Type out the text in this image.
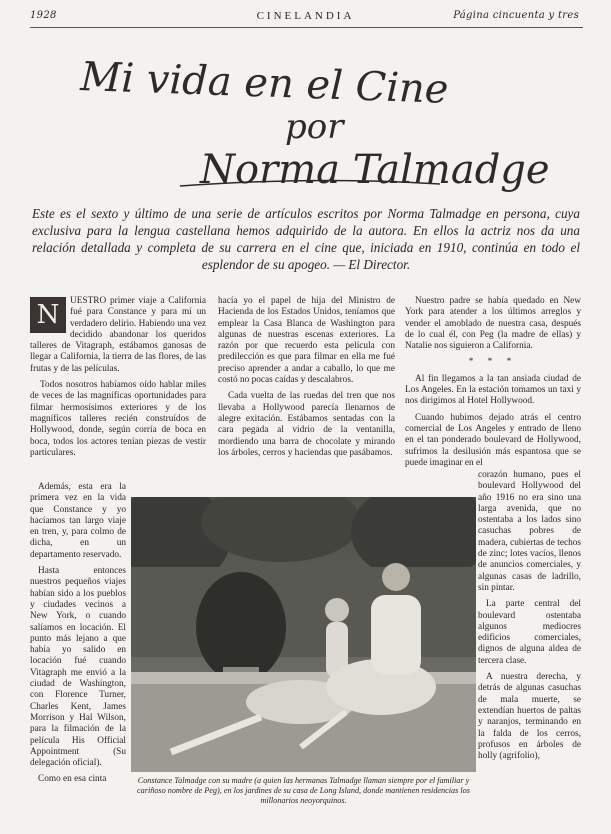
1928	CINELANDIA	Página cincuenta y tres
Mi vida en el Cine
por
Norma Talmadge
Este es el sexto y último de una serie de artículos escritos por Norma Talmadge en persona, cuya exclusiva para la lengua castellana hemos adquirido de la autora. En ellos la actriz nos da una relación detallada y completa de su carrera en el cine que, iniciada en 1910, continúa en todo el esplendor de su apogeo. — El Director.

N	UESTRO primer viaje a California fué para Constance y para mí un verdadero delirio. Habiendo una vez decidido abandonar los queridos talleres de Vitagraph, estábamos ganosas de llegar a California, la tierra de las flores, de las frutas y de las películas.

Todos nosotros habíamos oído hablar miles de veces de las magníficas oportunidades para filmar hermosísimos exteriores y de los magníficos talleres recién construídos de Hollywood, donde, según corría de boca en boca, todos los actores tenían piezas de vestir particulares.

Además, esta era la primera vez en la vida que Constance y yo hacíamos tan largo viaje en tren, y, para colmo de dicha, en un departamento reservado.

Hasta entonces nuestros pequeños viajes habían sido a los pueblos y ciudades vecinos a New York, o cuando salíamos en locación. El punto más lejano a que había yo salido en locación fué cuando Vitagraph me envió a la ciudad de Washington, con Florence Turner, Charles Kent, James Morrison y Hal Wilson, para la filmación de la película His Official Appointment (Su delegación oficial).

Como en esa cinta

hacía yo el papel de hija del Ministro de Hacienda de los Estados Unidos, teníamos que emplear la Casa Blanca de Washington para algunas de nuestras escenas exteriores. La razón por que recuerdo esta película con predilección es que para filmar en ella me fué preciso aprender a andar a caballo, lo que me costó no pocas caídas y descalabros.

Cada vuelta de las ruedas del tren que nos llevaba a Hollywood parecía llenarnos de alegre exitación. Estábamos sentadas con la cara pegada al vidrio de la ventanilla, mordiendo una barra de chocolate y mirando los árboles, cerros y haciendas que pasábamos.

Nuestro padre se había quedado en New York para atender a los últimos arreglos y vender el amoblado de nuestra casa, después de lo cual él, con Peg (la madre de ellas) y Natalie nos siguieron a California.

* * *

Al fin llegamos a la tan ansiada ciudad de Los Angeles. En la estación tomamos un taxi y nos dirigimos al Hotel Hollywood.

Cuando hubimos dejado atrás el centro comercial de Los Angeles y entrado de lleno en el tan ponderado boulevard de Hollywood, sufrimos la desilusión más espantosa que se puede imaginar en el

corazón humano, pues el boulevard Hollywood del año 1916 no era sino una larga avenida, que no ostentaba a los lados sino casuchas pobres de madera, cubiertas de techos de zinc; lotes vacíos, llenos de anuncios comerciales, y algunas casas de ladrillo, sin pintar.

La parte central del boulevard ostentaba algunos mediocres edificios comerciales, dignos de alguna aldea de tercera clase.

A nuestra derecha, y detrás de algunas casuchas de mala muerte, se extendían huertos de paltas y naranjos, terminando en la falda de los cerros, profusos en árboles de holly (agrifolio),

Constance Talmadge con su madre (a quien las hermanas Talmadge llaman siempre por el familiar y cariñoso nombre de Peg), en los jardines de su casa de Long Island, donde mantienen residencias los millonarios neoyorquinos.
